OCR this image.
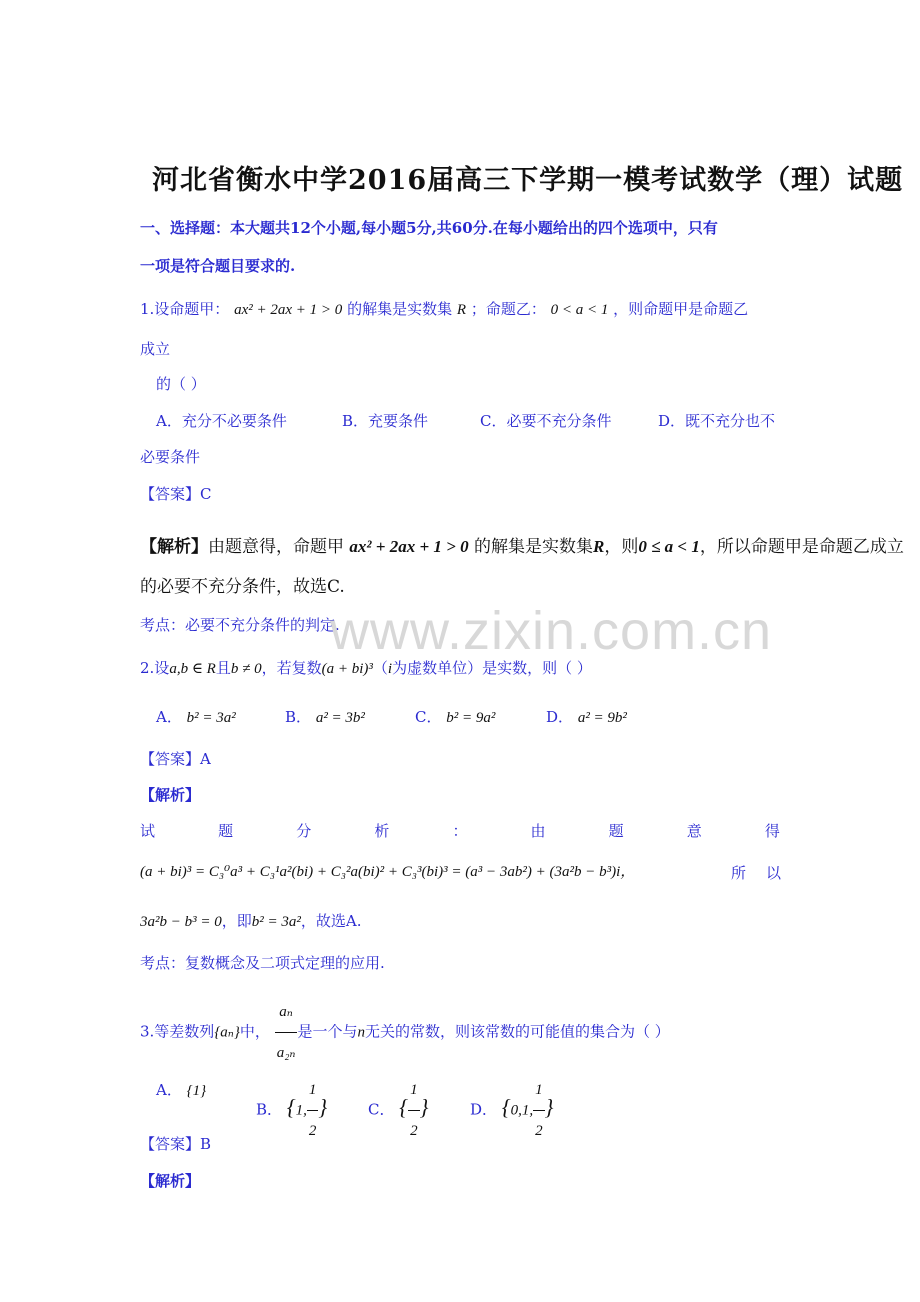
河北省衡水中学2016届高三下学期一模考试数学（理）试题
一、选择题：本大题共12个小题,每小题5分,共60分.在每小题给出的四个选项中，只有
一项是符合题目要求的.
1.设命题甲： ax² + 2ax + 1 > 0 的解集是实数集 R ；命题乙： 0 < a < 1 ，则命题甲是命题乙
成立
的（ ）
A．充分不必要条件	B．充要条件	C．必要不充分条件	D．既不充分也不
必要条件
【答案】C
【解析】由题意得，命题甲 ax² + 2ax + 1 > 0 的解集是实数集R，则0 ≤ a < 1，所以命题甲是命题乙成立
的必要不充分条件，故选C.
考点：必要不充分条件的判定.
www.zixin.com.cn
2.设a,b ∈ R且b ≠ 0，若复数(a + bi)³（i为虚数单位）是实数，则（ ）
A． b² = 3a²	B． a² = 3b²	C． b² = 9a²	D． a² = 9b²
【答案】A
【解析】
试	题	分	析	：	由	题	意	得
(a + bi)³ = C₃⁰a³ + C₃¹a²(bi) + C₃²a(bi)² + C₃³(bi)³ = (a³ − 3ab²) + (3a²b − b³)i，	所 以
3a²b − b³ = 0，即b² = 3a²，故选A.
考点：复数概念及二项式定理的应用.
3.等差数列{aₙ}中， $\frac{\text{aₙ}}{\text{a₂ₙ}}$ 是一个与n无关的常数，则该常数的可能值的集合为（ ）
A． {1}
B． {1, $\frac{1}{2}$ }	C． { $\frac{1}{2}$ }	D． {0,1, $\frac{1}{2}$ }
【答案】B
【解析】
